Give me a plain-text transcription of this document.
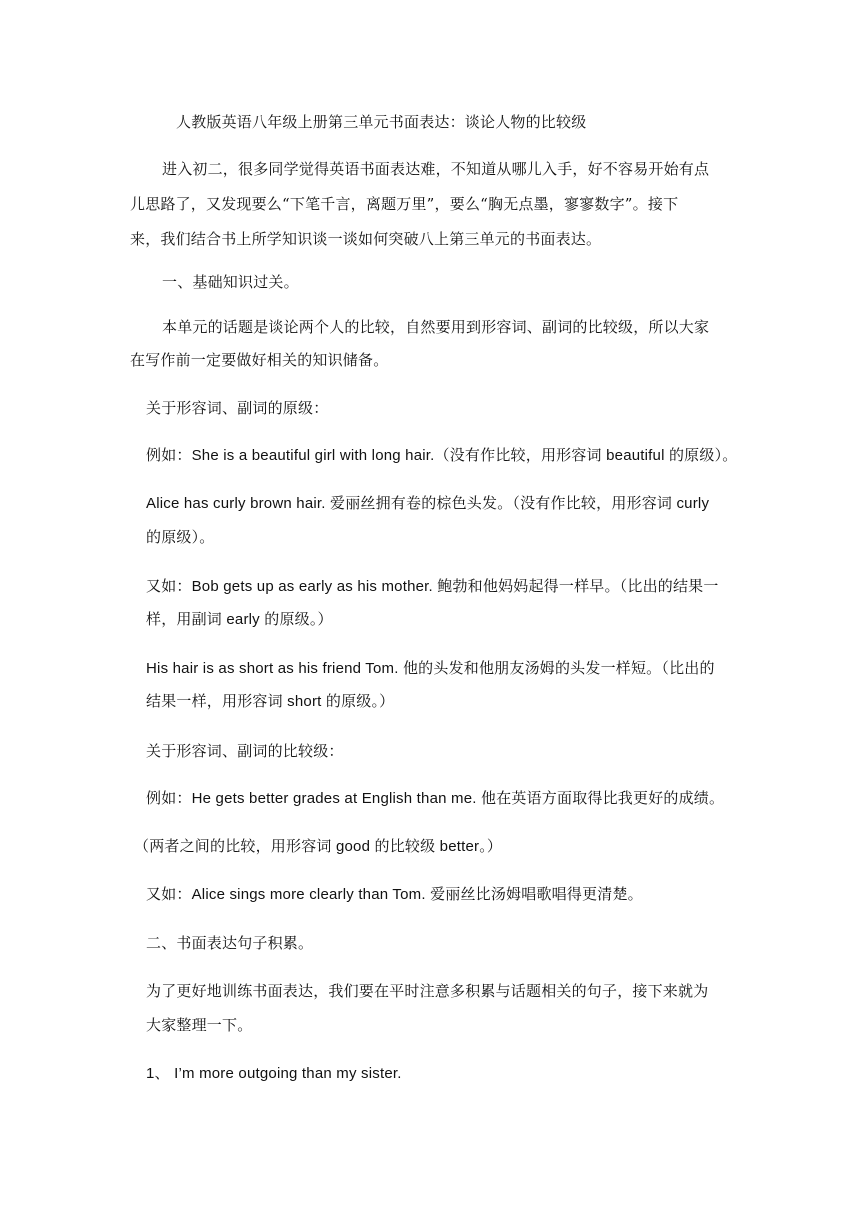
人教版英语八年级上册第三单元书面表达：谈论人物的比较级
进入初二，很多同学觉得英语书面表达难，不知道从哪儿入手，好不容易开始有点
儿思路了，又发现要么“下笔千言，离题万里”，要么“胸无点墨，寥寥数字”。接下
来，我们结合书上所学知识谈一谈如何突破八上第三单元的书面表达。
一、基础知识过关。
本单元的话题是谈论两个人的比较，自然要用到形容词、副词的比较级，所以大家
在写作前一定要做好相关的知识储备。
关于形容词、副词的原级：
例如：She is a beautiful girl with long hair.（没有作比较，用形容词 beautiful 的原级）。
Alice has curly brown hair. 爱丽丝拥有卷的棕色头发。（没有作比较，用形容词 curly
的原级）。
又如：Bob gets up as early as his mother. 鲍勃和他妈妈起得一样早。（比出的结果一
样，用副词 early 的原级。）
His hair is as short as his friend Tom. 他的头发和他朋友汤姆的头发一样短。（比出的
结果一样，用形容词 short 的原级。）
关于形容词、副词的比较级：
例如：He gets better grades at English than me. 他在英语方面取得比我更好的成绩。
（两者之间的比较，用形容词 good 的比较级 better。）
又如：Alice sings more clearly than Tom. 爱丽丝比汤姆唱歌唱得更清楚。
二、书面表达句子积累。
为了更好地训练书面表达，我们要在平时注意多积累与话题相关的句子，接下来就为
大家整理一下。
1、 I’m more outgoing than my sister.
